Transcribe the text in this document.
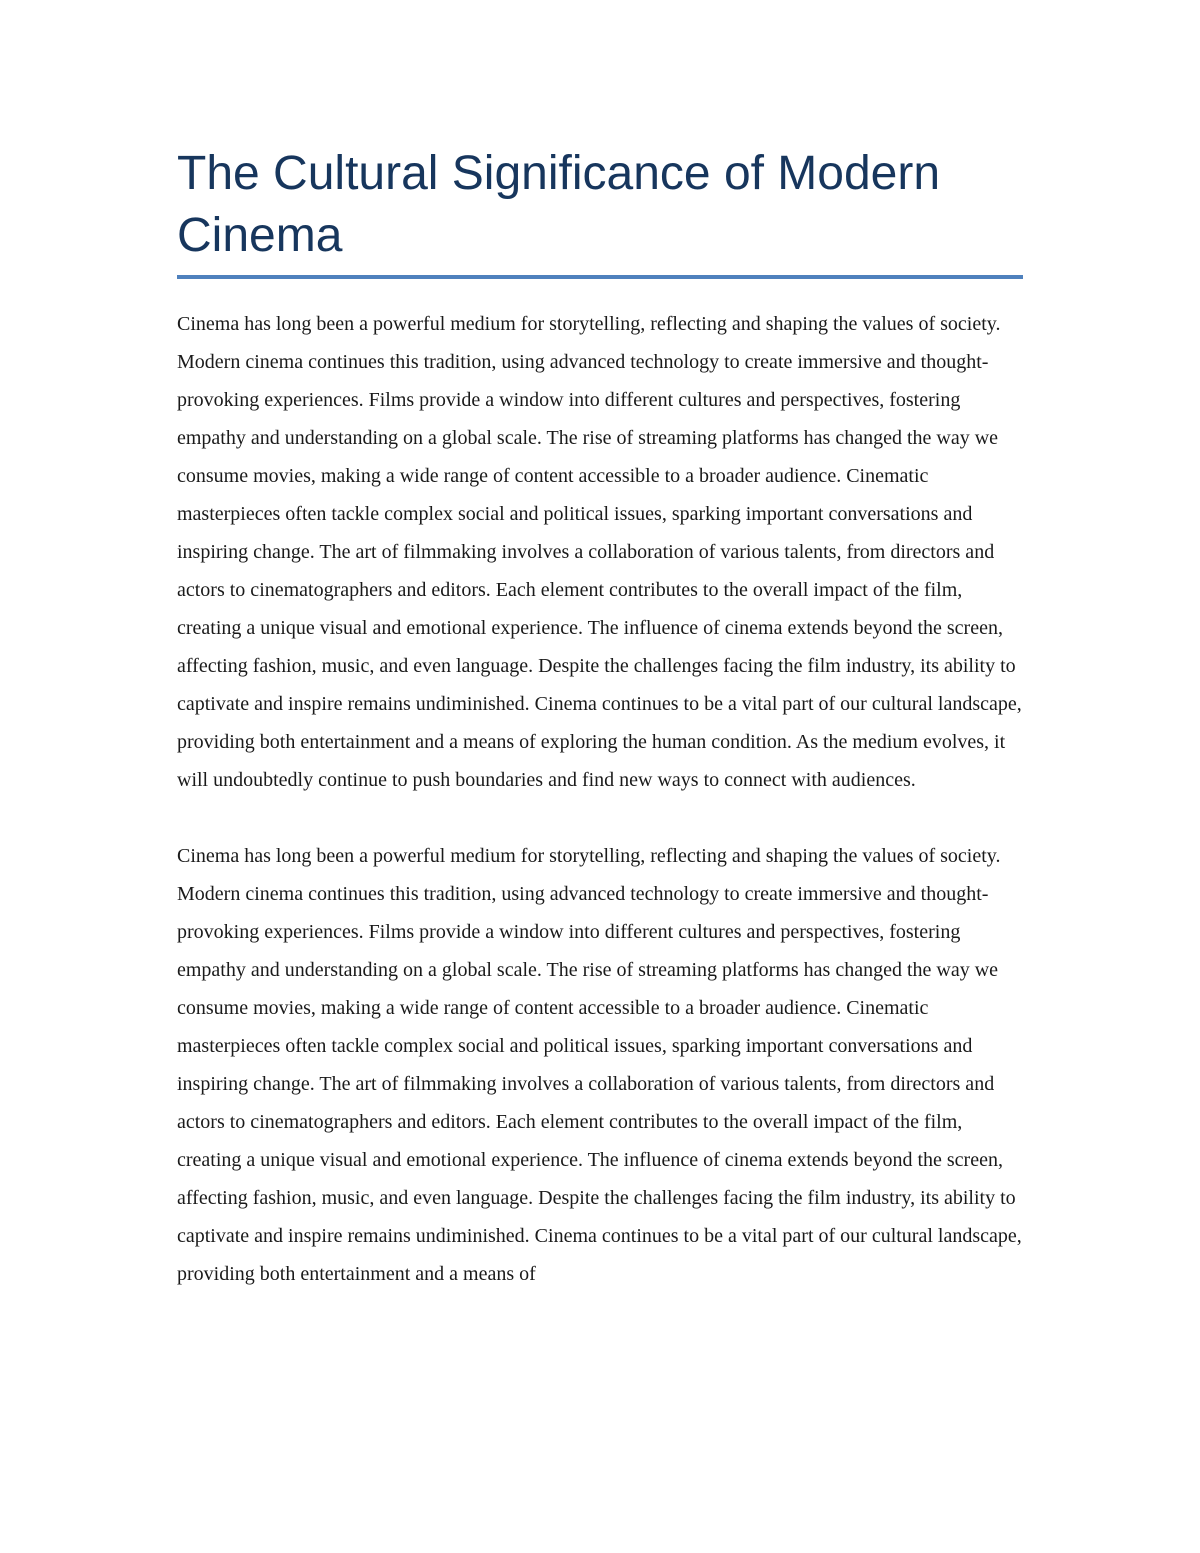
The Cultural Significance of Modern Cinema

Cinema has long been a powerful medium for storytelling, reflecting and shaping the values of society. Modern cinema continues this tradition, using advanced technology to create immersive and thought-provoking experiences. Films provide a window into different cultures and perspectives, fostering empathy and understanding on a global scale. The rise of streaming platforms has changed the way we consume movies, making a wide range of content accessible to a broader audience. Cinematic masterpieces often tackle complex social and political issues, sparking important conversations and inspiring change. The art of filmmaking involves a collaboration of various talents, from directors and actors to cinematographers and editors. Each element contributes to the overall impact of the film, creating a unique visual and emotional experience. The influence of cinema extends beyond the screen, affecting fashion, music, and even language. Despite the challenges facing the film industry, its ability to captivate and inspire remains undiminished. Cinema continues to be a vital part of our cultural landscape, providing both entertainment and a means of exploring the human condition. As the medium evolves, it will undoubtedly continue to push boundaries and find new ways to connect with audiences.

Cinema has long been a powerful medium for storytelling, reflecting and shaping the values of society. Modern cinema continues this tradition, using advanced technology to create immersive and thought-provoking experiences. Films provide a window into different cultures and perspectives, fostering empathy and understanding on a global scale. The rise of streaming platforms has changed the way we consume movies, making a wide range of content accessible to a broader audience. Cinematic masterpieces often tackle complex social and political issues, sparking important conversations and inspiring change. The art of filmmaking involves a collaboration of various talents, from directors and actors to cinematographers and editors. Each element contributes to the overall impact of the film, creating a unique visual and emotional experience. The influence of cinema extends beyond the screen, affecting fashion, music, and even language. Despite the challenges facing the film industry, its ability to captivate and inspire remains undiminished. Cinema continues to be a vital part of our cultural landscape, providing both entertainment and a means of
